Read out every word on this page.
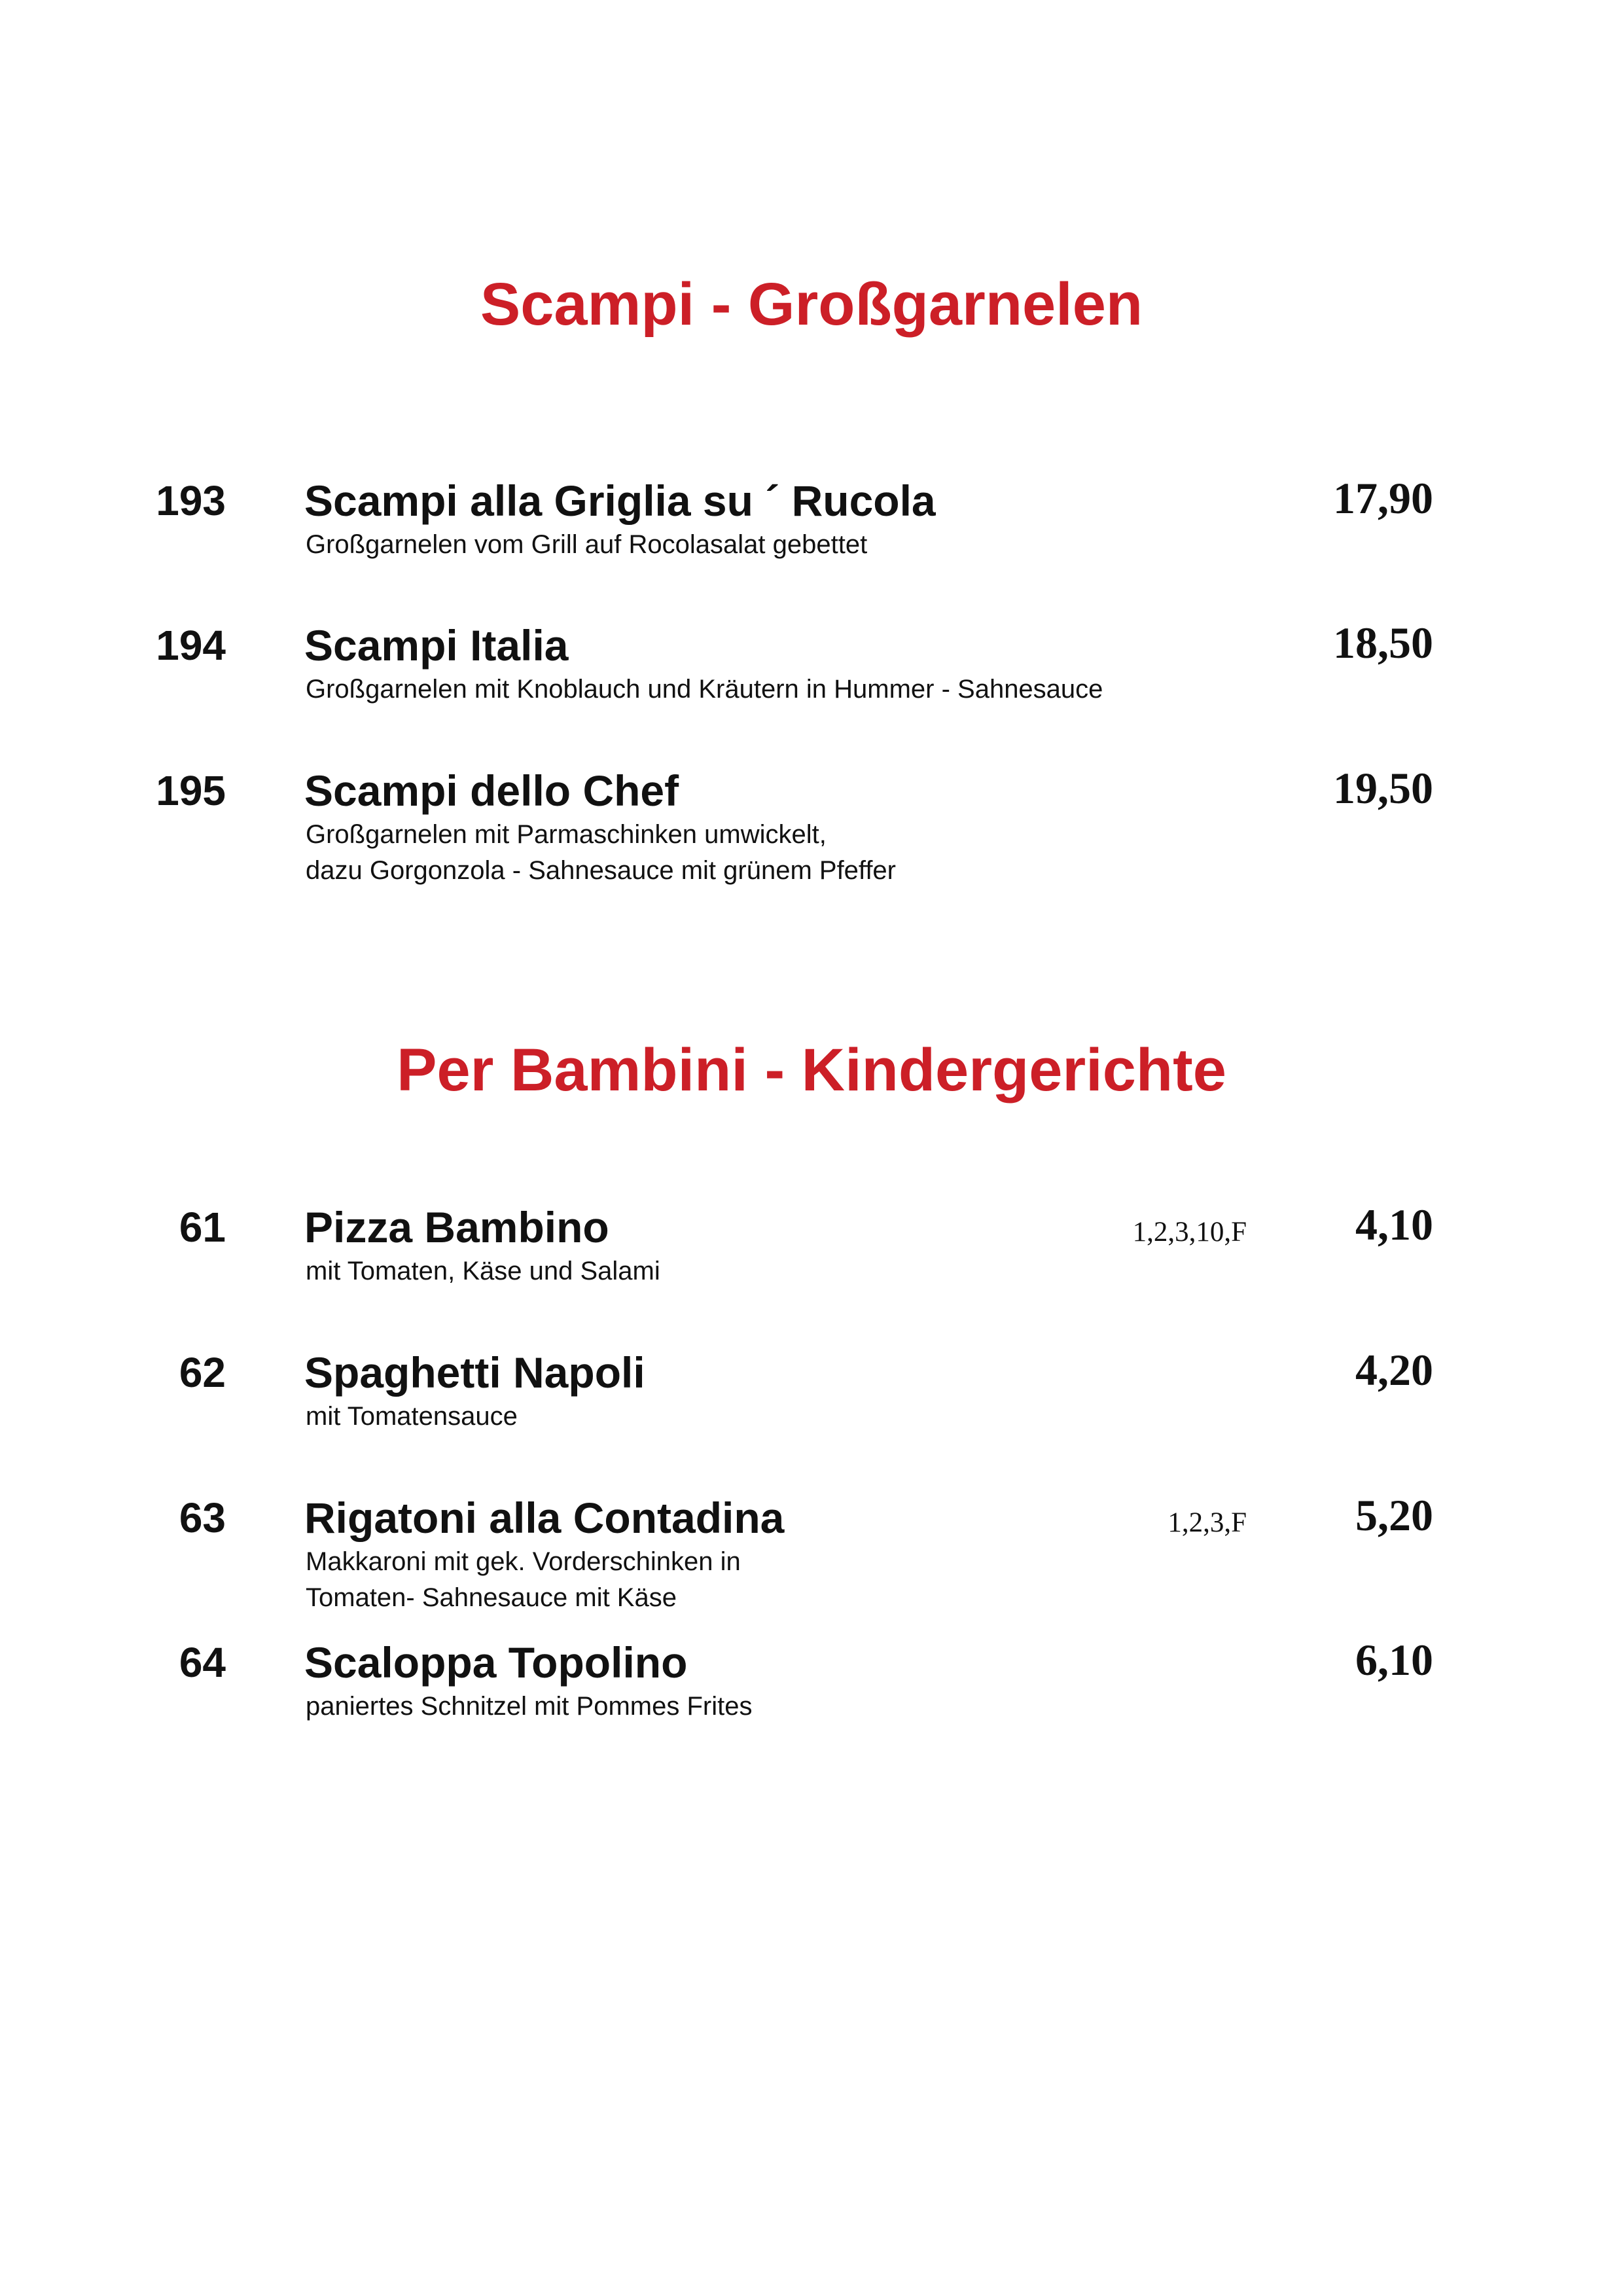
Scampi - Großgarnelen
193 Scampi alla Griglia su ´ Rucola
Großgarnelen vom Grill auf Rocolasalat gebettet
17,90
194 Scampi Italia
Großgarnelen mit Knoblauch und Kräutern in Hummer - Sahnesauce
18,50
195 Scampi dello Chef
Großgarnelen mit Parmaschinken umwickelt,
dazu Gorgonzola - Sahnesauce mit grünem Pfeffer
19,50
Per Bambini - Kindergerichte
61 Pizza Bambino
mit Tomaten, Käse und Salami
1,2,3,10,F 4,10
62 Spaghetti Napoli
mit Tomatensauce
4,20
63 Rigatoni alla Contadina
Makkaroni mit gek. Vorderschinken in
Tomaten- Sahnesauce mit Käse
1,2,3,F 5,20
64 Scaloppa Topolino
paniertes Schnitzel mit Pommes Frites
6,10
